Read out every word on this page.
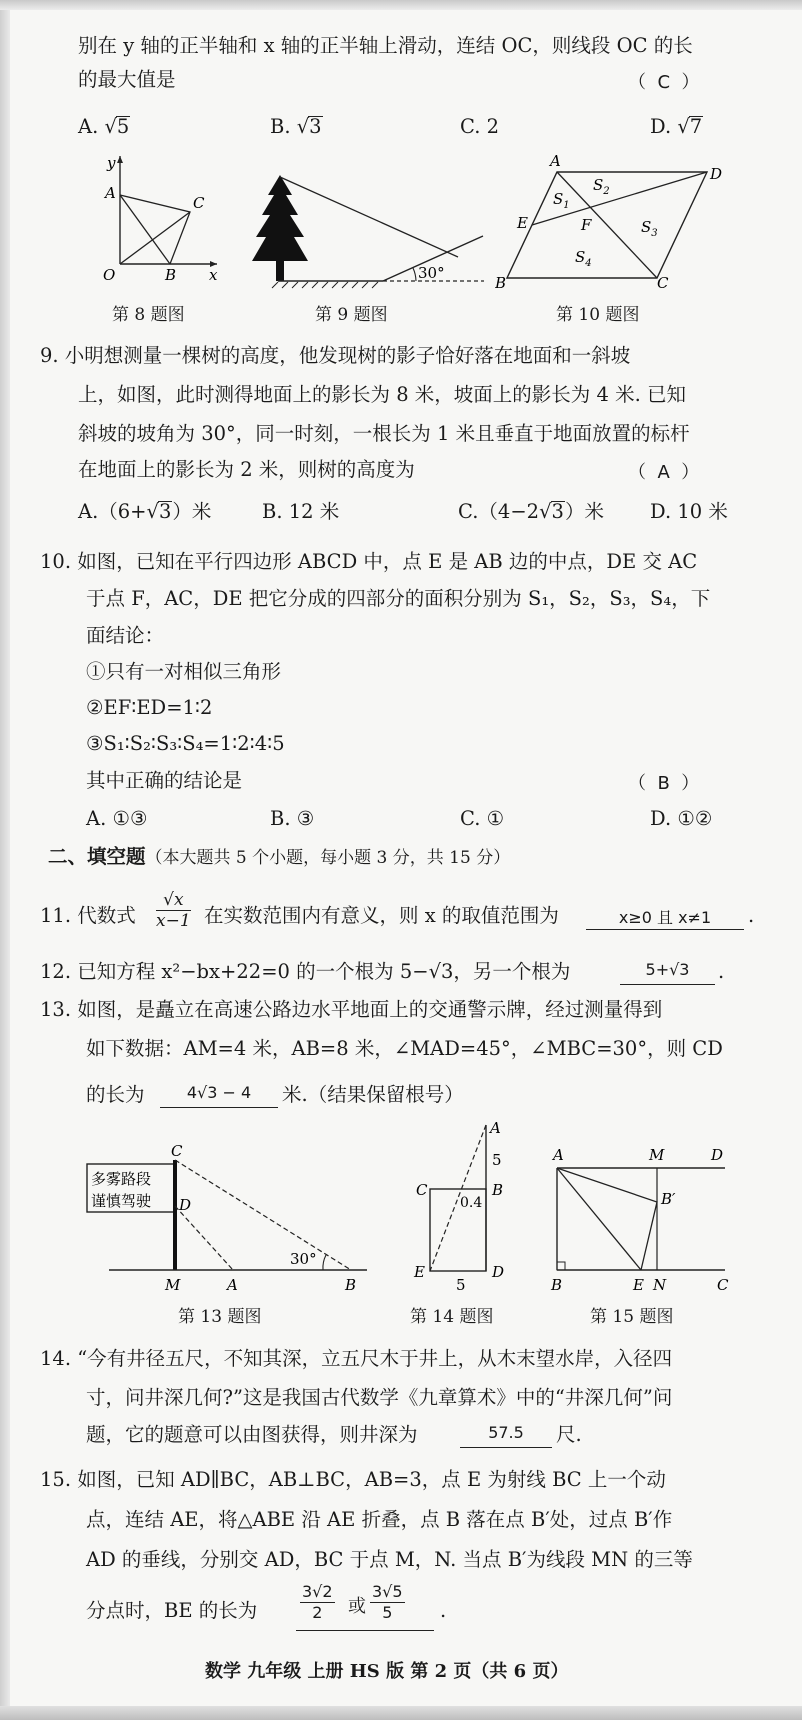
别在 y 轴的正半轴和 x 轴的正半轴上滑动，连结 OC，则线段 OC 的长
的最大值是	（ C ）
A. √5	B. √3	C. 2	D. √7
y
x
A
C
O	B
第 8 题图
30°
第 9 题图
A
D
$S_1$
$S_2$
E	F	$S_3$
$S_4$
B	C
第 10 题图
9. 小明想测量一棵树的高度，他发现树的影子恰好落在地面和一斜坡
上，如图，此时测得地面上的影长为 8 米，坡面上的影长为 4 米. 已知
斜坡的坡角为 30°，同一时刻，一根长为 1 米且垂直于地面放置的标杆
在地面上的影长为 2 米，则树的高度为	（ A ）
A.（6+√3）米	B. 12 米	C.（4−2√3）米 D. 10 米
10. 如图，已知在平行四边形 ABCD 中，点 E 是 AB 边的中点，DE 交 AC
于点 F，AC，DE 把它分成的四部分的面积分别为 S₁，S₂，S₃，S₄，下
面结论：
①只有一对相似三角形
②EF∶ED=1∶2
③S₁∶S₂∶S₃∶S₄=1∶2∶4∶5
其中正确的结论是	（ B ）
A. ①③	B. ③	C. ①	D. ①②
二、填空题（本大题共 5 个小题，每小题 3 分，共 15 分）
11. 代数式 $\frac{√x}{x-1}$ 在实数范围内有意义，则 x 的取值范围为	x≥0 且 x≠1	.
12. 已知方程 x²−bx+22=0 的一个根为 5−√3，另一个根为	5+√3	.
13. 如图，是矗立在高速公路边水平地面上的交通警示牌，经过测量得到
如下数据：AM=4 米，AB=8 米，∠MAD=45°，∠MBC=30°，则 CD
的长为	4√3 − 4	米.（结果保留根号）
多雾路段
谨慎驾驶
C
D
30°
M	A	B
第 13 题图
A
5
C	B
0.4
E	D
5
第 14 题图
A	M	D
B′
B	E N	C
第 15 题图
14. “今有井径五尺，不知其深，立五尺木于井上，从木末望水岸，入径四
寸，问井深几何?”这是我国古代数学《九章算术》中的“井深几何”问
题，它的题意可以由图获得，则井深为	57.5	尺.
15. 如图，已知 AD∥BC，AB⊥BC，AB=3，点 E 为射线 BC 上一个动
点，连结 AE，将△ABE 沿 AE 折叠，点 B 落在点 B′处，过点 B′作
AD 的垂线，分别交 AD，BC 于点 M，N. 当点 B′为线段 MN 的三等
分点时，BE 的长为	$\frac{3√2}{2}$ 或 $\frac{3√5}{5}$ .
数学 九年级 上册 HS 版 第 2 页（共 6 页）
